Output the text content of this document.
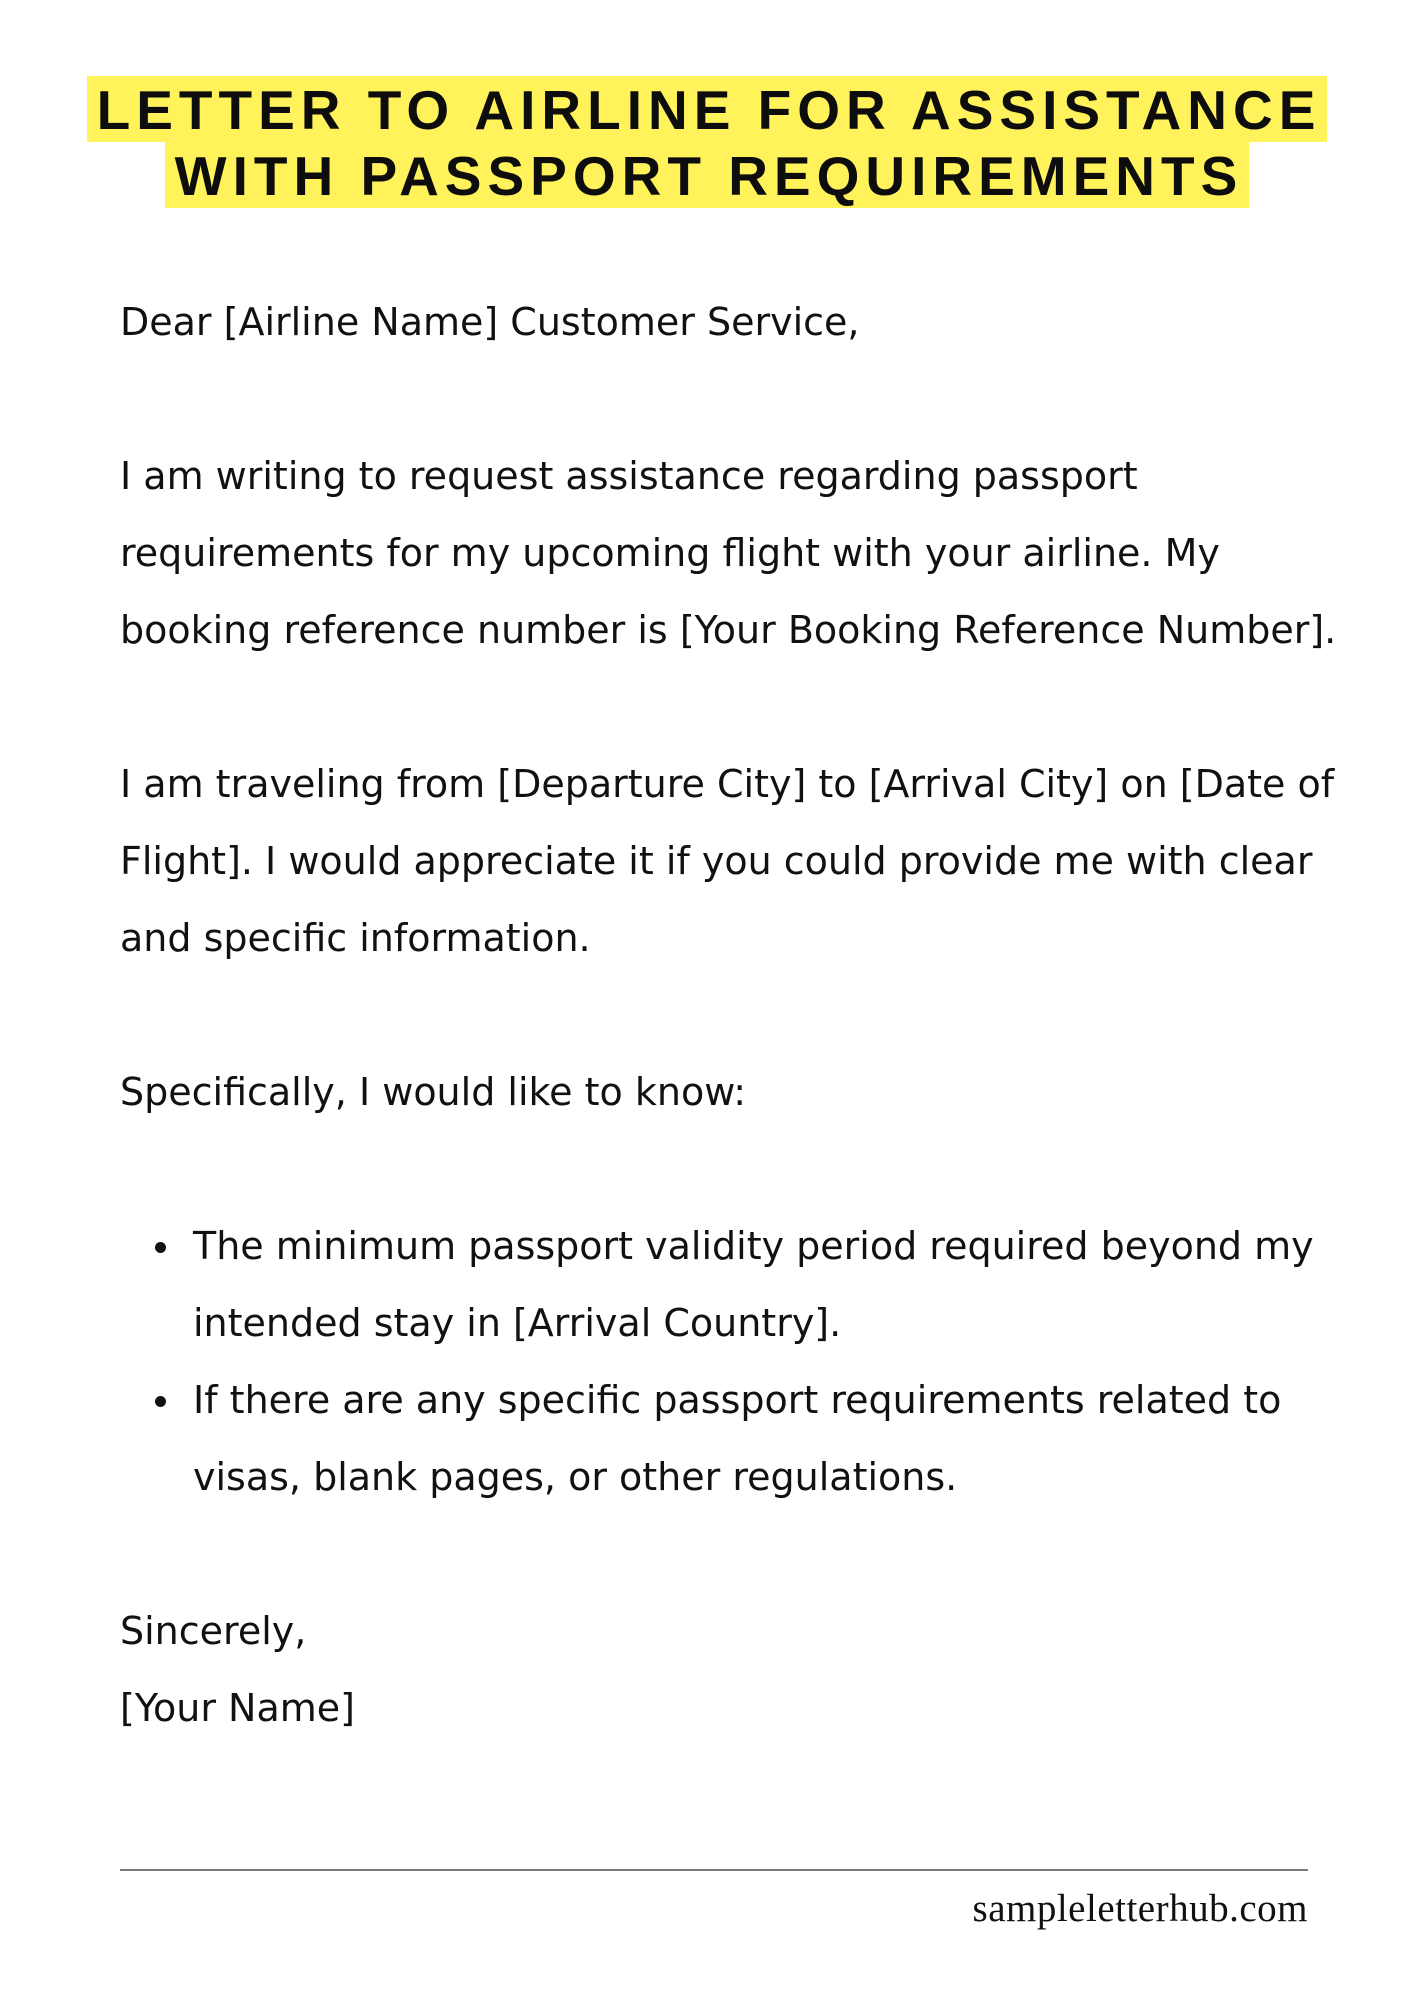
LETTER TO AIRLINE FOR ASSISTANCE
WITH PASSPORT REQUIREMENTS

Dear [Airline Name] Customer Service,

I am writing to request assistance regarding passport requirements for my upcoming flight with your airline. My booking reference number is [Your Booking Reference Number].

I am traveling from [Departure City] to [Arrival City] on [Date of Flight]. I would appreciate it if you could provide me with clear and specific information.

Specifically, I would like to know:

The minimum passport validity period required beyond my intended stay in [Arrival Country].
If there are any specific passport requirements related to visas, blank pages, or other regulations.

Sincerely,

[Your Name]

sampleletterhub.com
